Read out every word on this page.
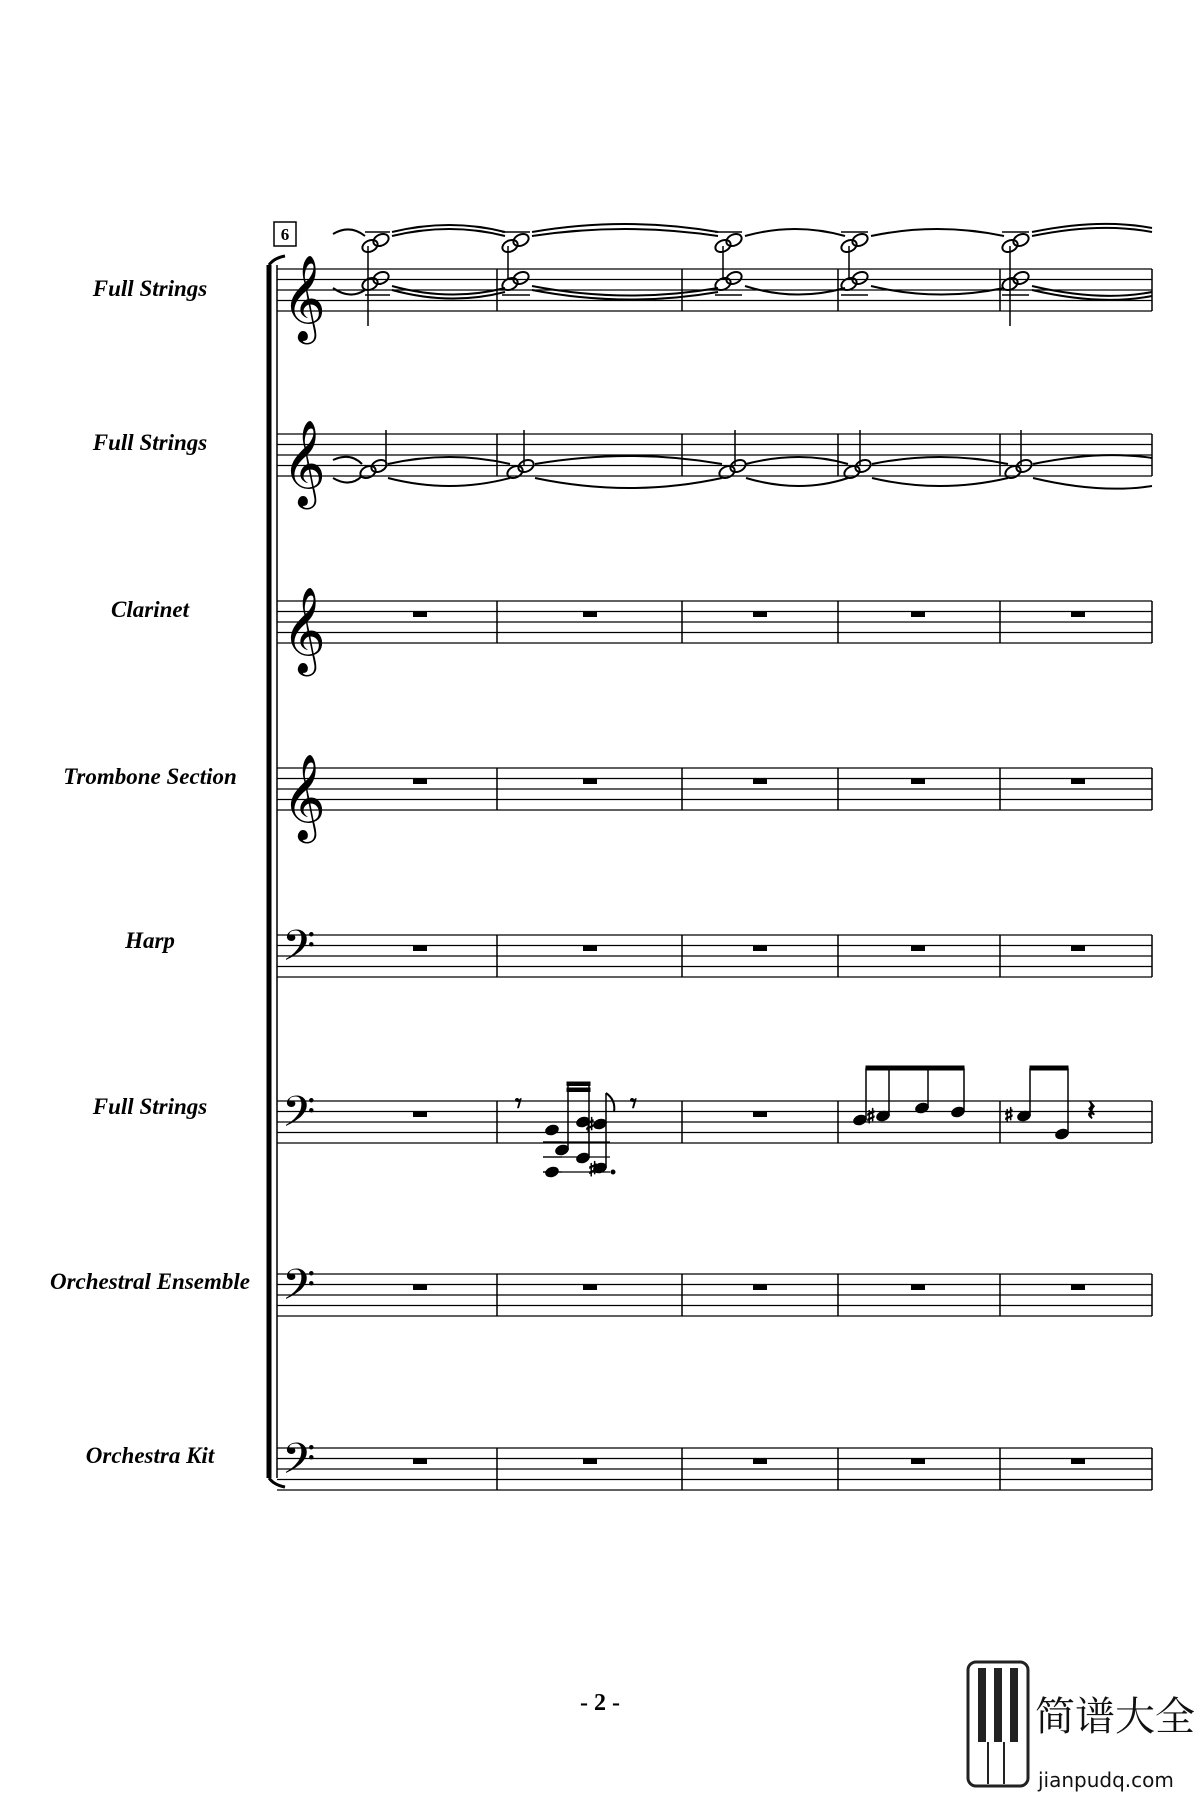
6
Full Strings
Full Strings
Clarinet
Trombone Section
Harp
Full Strings
Orchestral Ensemble
Orchestra Kit
𝄞
𝄞
𝄞
𝄞
𝄢
𝄢
𝄢
𝄢
𝄾
♯
♯
𝄾	♯	♯	𝄽
- 2 -	简谱大全
jianpudq.com
